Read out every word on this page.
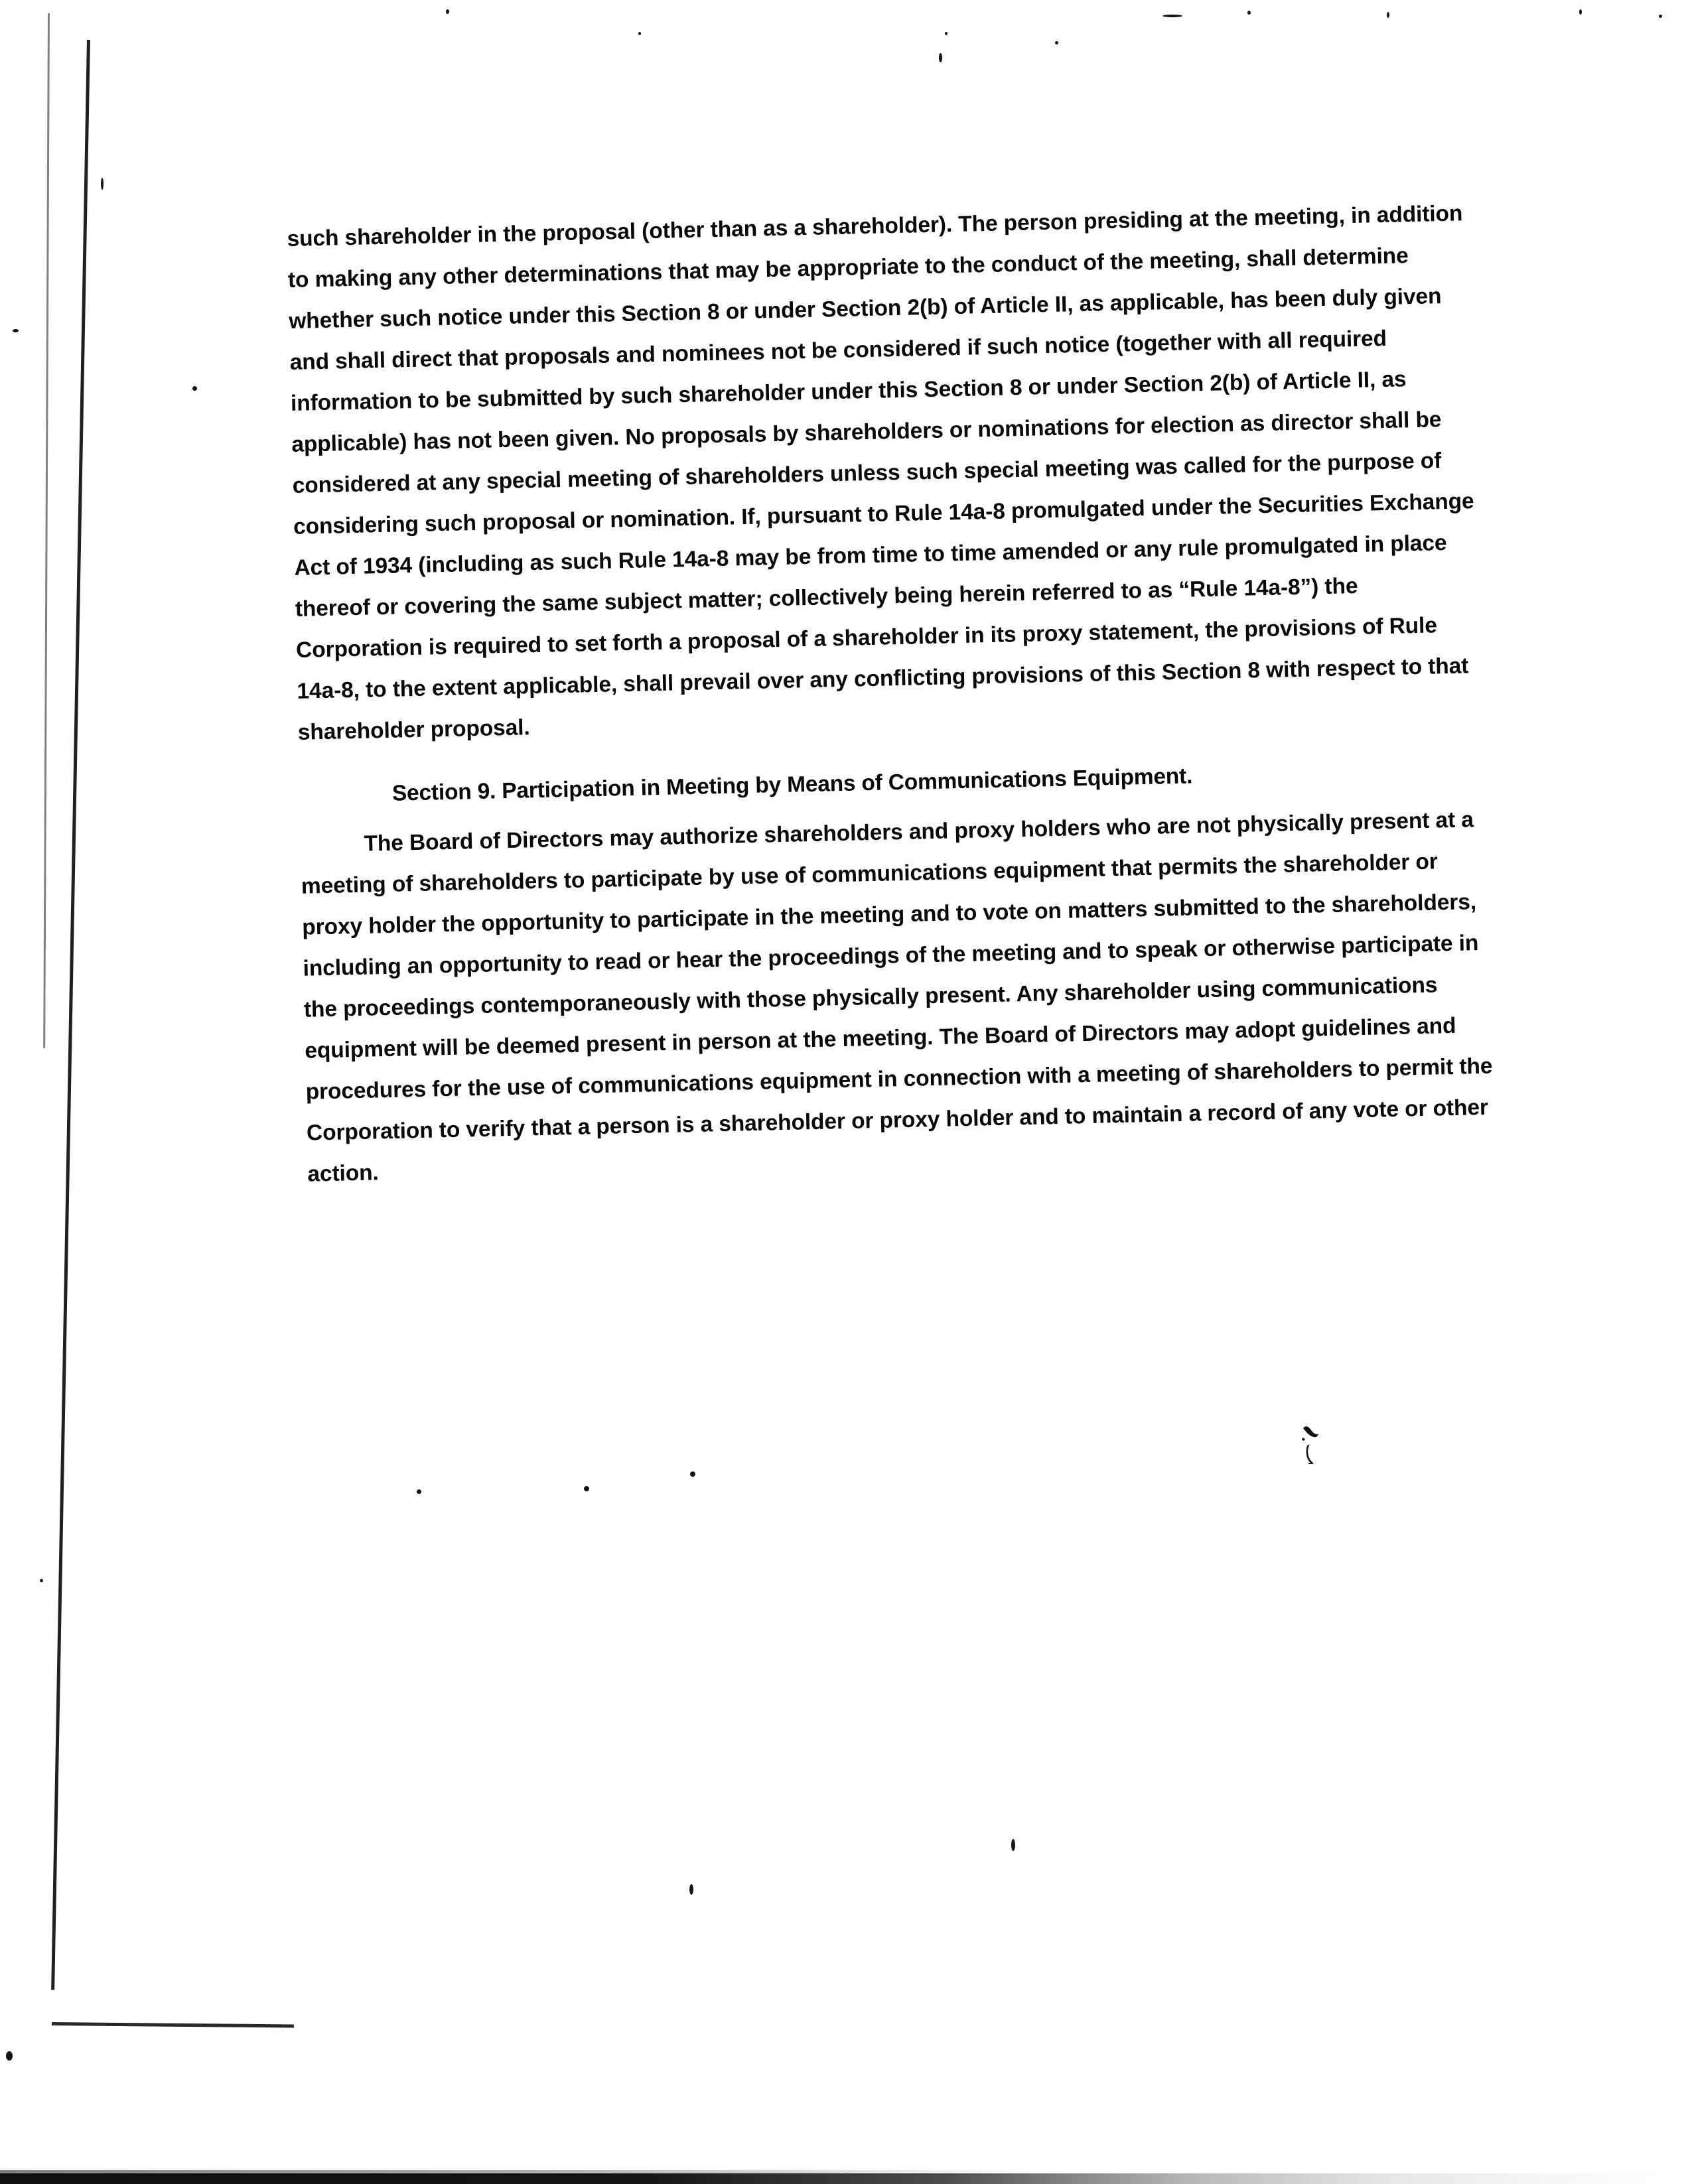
such shareholder in the proposal (other than as a shareholder). The person presiding at the meeting, in addition to making any other determinations that may be appropriate to the conduct of the meeting, shall determine whether such notice under this Section 8 or under Section 2(b) of Article II, as applicable, has been duly given and shall direct that proposals and nominees not be considered if such notice (together with all required information to be submitted by such shareholder under this Section 8 or under Section 2(b) of Article II, as applicable) has not been given. No proposals by shareholders or nominations for election as director shall be considered at any special meeting of shareholders unless such special meeting was called for the purpose of considering such proposal or nomination. If, pursuant to Rule 14a-8 promulgated under the Securities Exchange Act of 1934 (including as such Rule 14a-8 may be from time to time amended or any rule promulgated in place thereof or covering the same subject matter; collectively being herein referred to as “Rule 14a-8”) the Corporation is required to set forth a proposal of a shareholder in its proxy statement, the provisions of Rule 14a-8, to the extent applicable, shall prevail over any conflicting provisions of this Section 8 with respect to that shareholder proposal.

Section 9. Participation in Meeting by Means of Communications Equipment.

The Board of Directors may authorize shareholders and proxy holders who are not physically present at a meeting of shareholders to participate by use of communications equipment that permits the shareholder or proxy holder the opportunity to participate in the meeting and to vote on matters submitted to the shareholders, including an opportunity to read or hear the proceedings of the meeting and to speak or otherwise participate in the proceedings contemporaneously with those physically present. Any shareholder using communications equipment will be deemed present in person at the meeting. The Board of Directors may adopt guidelines and procedures for the use of communications equipment in connection with a meeting of shareholders to permit the Corporation to verify that a person is a shareholder or proxy holder and to maintain a record of any vote or other action.
